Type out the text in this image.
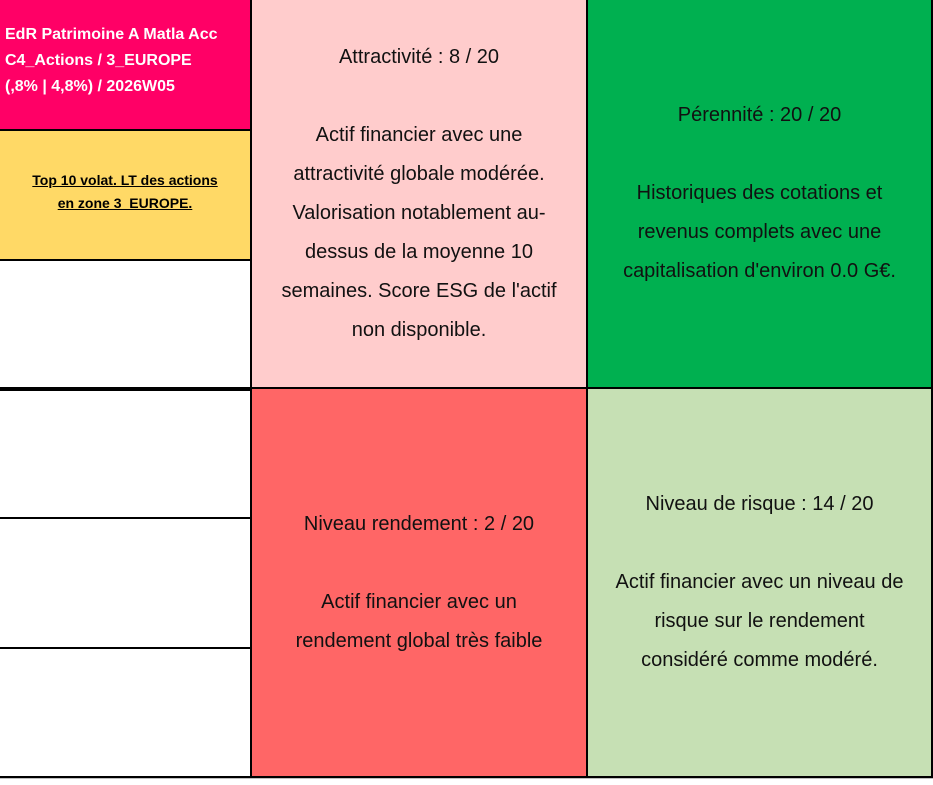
EdR Patrimoine A Matla Acc
C4_Actions / 3_EUROPE
(,8% | 4,8%) / 2026W05
Top 10 volat. LT des actions
en zone 3_EUROPE.
Attractivité : 8 / 20
Actif financier avec une
attractivité globale modérée.
Valorisation notablement au-
dessus de la moyenne 10
semaines. Score ESG de l'actif
non disponible.
Pérennité : 20 / 20
Historiques des cotations et
revenus complets avec une
capitalisation d'environ 0.0 G€.
Niveau rendement : 2 / 20
Actif financier avec un
rendement global très faible
Niveau de risque : 14 / 20
Actif financier avec un niveau de
risque sur le rendement
considéré comme modéré.
